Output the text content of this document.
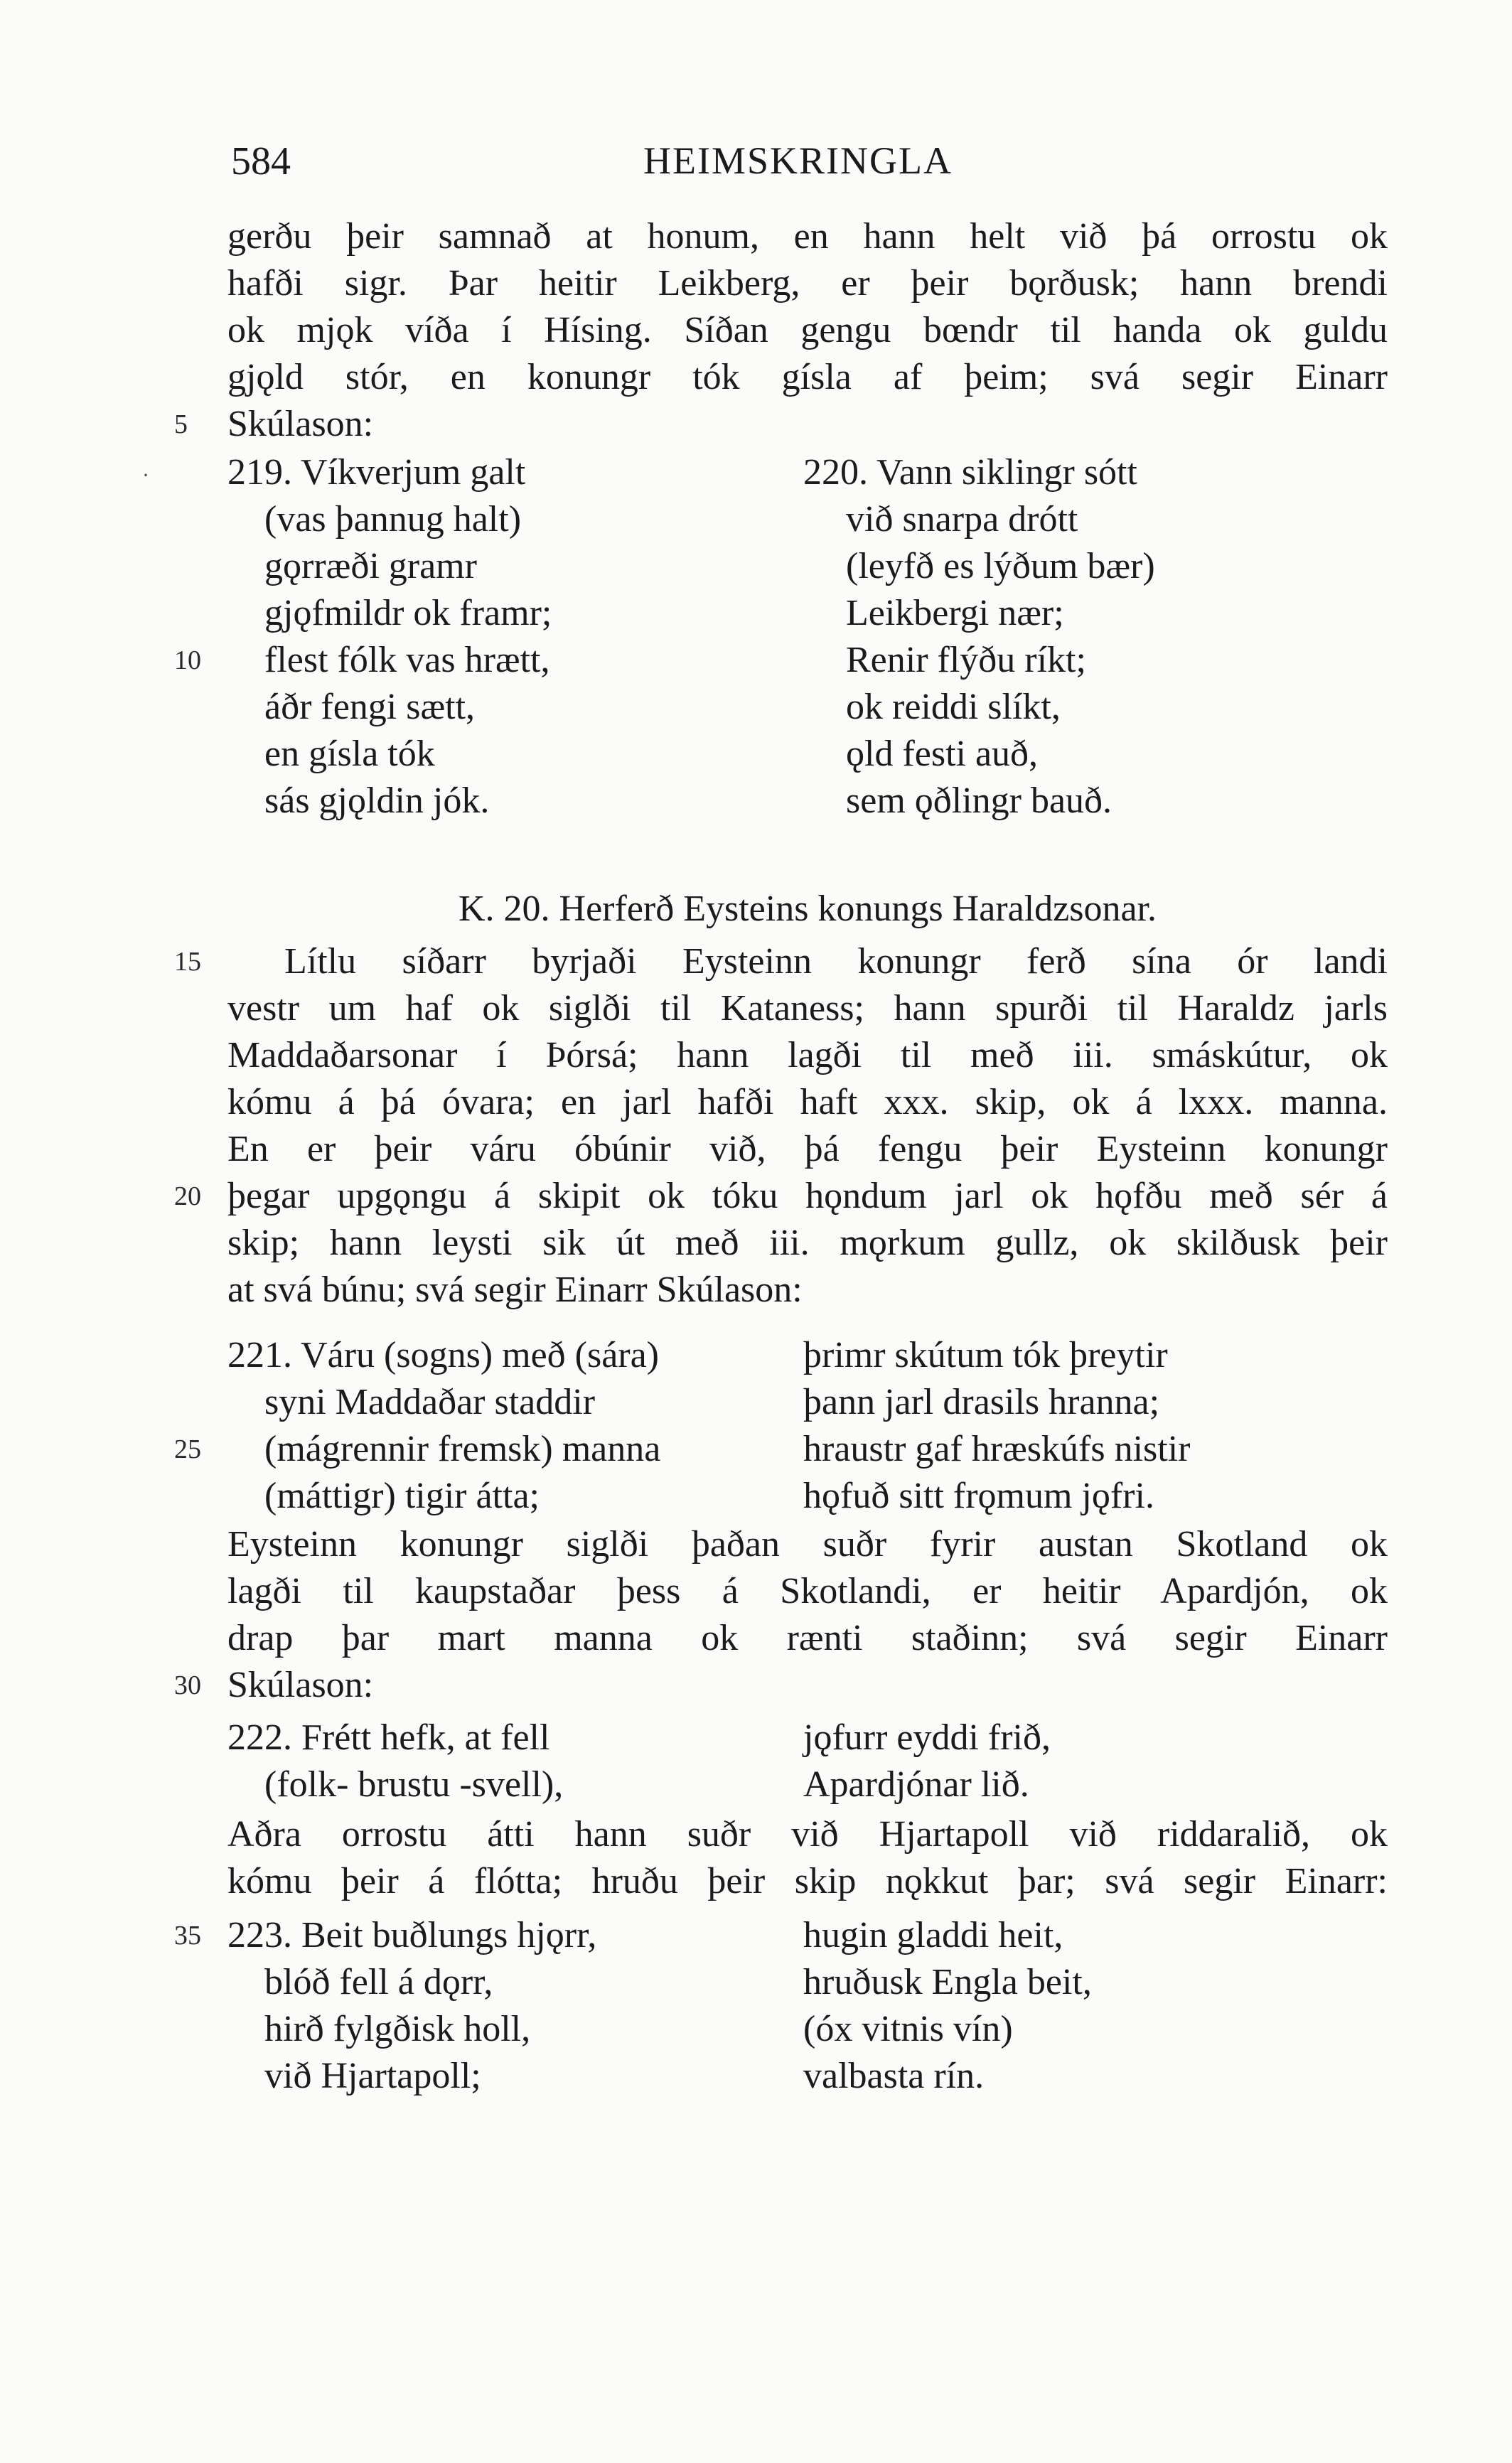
584	HEIMSKRINGLA
·
gerðu þeir samnað at honum, en hann helt við þá orrostu ok
hafði sigr. Þar heitir Leikberg, er þeir bǫrðusk; hann brendi
ok mjǫk víða í Hísing. Síðan gengu bœndr til handa ok guldu
gjǫld stór, en konungr tók gísla af þeim; svá segir Einarr
5 Skúlason:
219. Víkverjum galt
(vas þannug halt)
gǫrræði gramr
gjǫfmildr ok framr;
10 flest fólk vas hrætt,
áðr fengi sætt,
en gísla tók
sás gjǫldin jók.
220. Vann siklingr sótt
við snarpa drótt
(leyfð es lýðum bær)
Leikbergi nær;
Renir flýðu ríkt;
ok reiddi slíkt,
ǫld festi auð,
sem ǫðlingr bauð.
K. 20. Herferð Eysteins konungs Haraldzsonar.
15 Lítlu síðarr byrjaði Eysteinn konungr ferð sína ór landi
vestr um haf ok siglði til Kataness; hann spurði til Haraldz jarls
Maddaðarsonar í Þórsá; hann lagði til með iii. smáskútur, ok
kómu á þá óvara; en jarl hafði haft xxx. skip, ok á lxxx. manna.
En er þeir váru óbúnir við, þá fengu þeir Eysteinn konungr
20 þegar upgǫngu á skipit ok tóku hǫndum jarl ok hǫfðu með sér á
skip; hann leysti sik út með iii. mǫrkum gullz, ok skilðusk þeir
at svá búnu; svá segir Einarr Skúlason:
221. Váru (sogns) með (sára)
syni Maddaðar staddir
25 (mágrennir fremsk) manna
(máttigr) tigir átta;
þrimr skútum tók þreytir
þann jarl drasils hranna;
hraustr gaf hræskúfs nistir
hǫfuð sitt frǫmum jǫfri.
Eysteinn konungr siglði þaðan suðr fyrir austan Skotland ok
lagði til kaupstaðar þess á Skotlandi, er heitir Apardjón, ok
drap þar mart manna ok rænti staðinn; svá segir Einarr
30 Skúlason:
222. Frétt hefk, at fell
(folk- brustu -svell),
jǫfurr eyddi frið,
Apardjónar lið.
Aðra orrostu átti hann suðr við Hjartapoll við riddaralið, ok
kómu þeir á flótta; hruðu þeir skip nǫkkut þar; svá segir Einarr:
35 223. Beit buðlungs hjǫrr,
blóð fell á dǫrr,
hirð fylgðisk holl,
við Hjartapoll;
hugin gladdi heit,
hruðusk Engla beit,
(óx vitnis vín)
valbasta rín.
